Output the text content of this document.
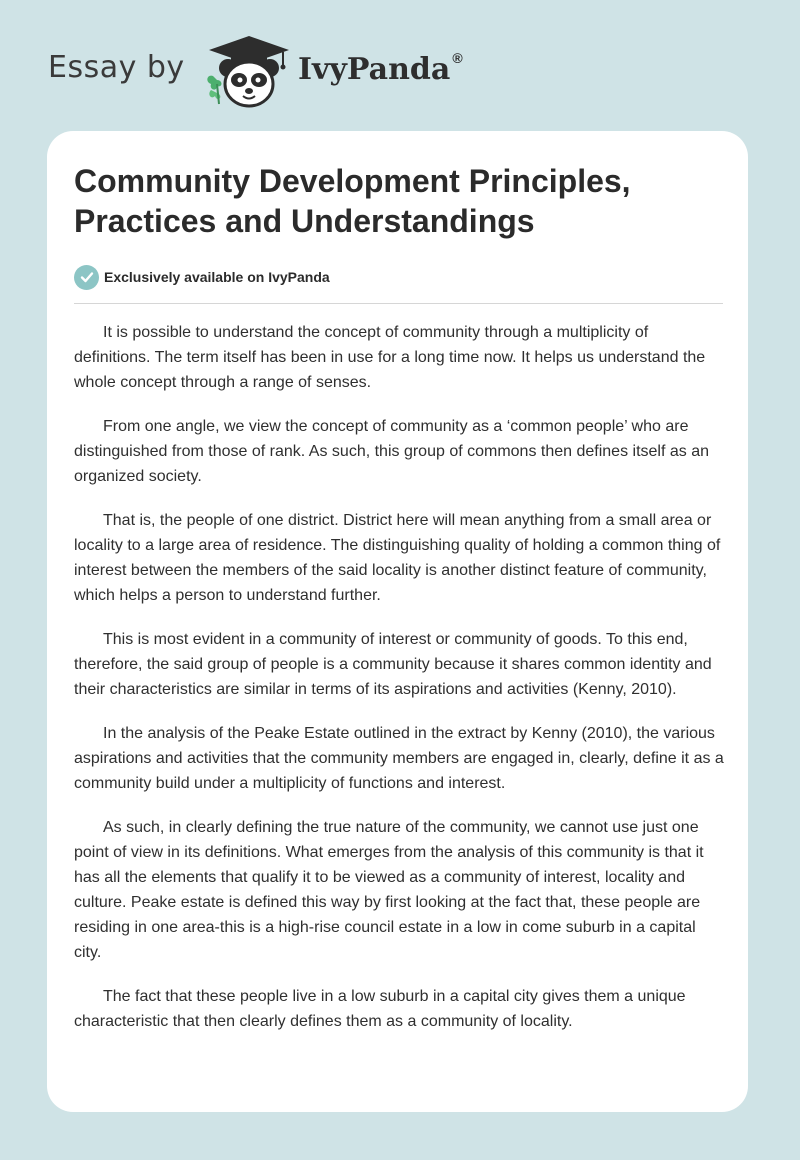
Essay by	IvyPanda ®
Community Development Principles, Practices and Understandings
Exclusively available on IvyPanda

It is possible to understand the concept of community through a multiplicity of definitions. The term itself has been in use for a long time now. It helps us understand the whole concept through a range of senses.

From one angle, we view the concept of community as a ‘common people’ who are distinguished from those of rank. As such, this group of commons then defines itself as an organized society.

That is, the people of one district. District here will mean anything from a small area or locality to a large area of residence. The distinguishing quality of holding a common thing of interest between the members of the said locality is another distinct feature of community, which helps a person to understand further.

This is most evident in a community of interest or community of goods. To this end, therefore, the said group of people is a community because it shares common identity and their characteristics are similar in terms of its aspirations and activities (Kenny, 2010).

In the analysis of the Peake Estate outlined in the extract by Kenny (2010), the various aspirations and activities that the community members are engaged in, clearly, define it as a community build under a multiplicity of functions and interest.

As such, in clearly defining the true nature of the community, we cannot use just one point of view in its definitions. What emerges from the analysis of this community is that it has all the elements that qualify it to be viewed as a community of interest, locality and culture. Peake estate is defined this way by first looking at the fact that, these people are residing in one area-this is a high-rise council estate in a low in come suburb in a capital city.

The fact that these people live in a low suburb in a capital city gives them a unique characteristic that then clearly defines them as a community of locality.
